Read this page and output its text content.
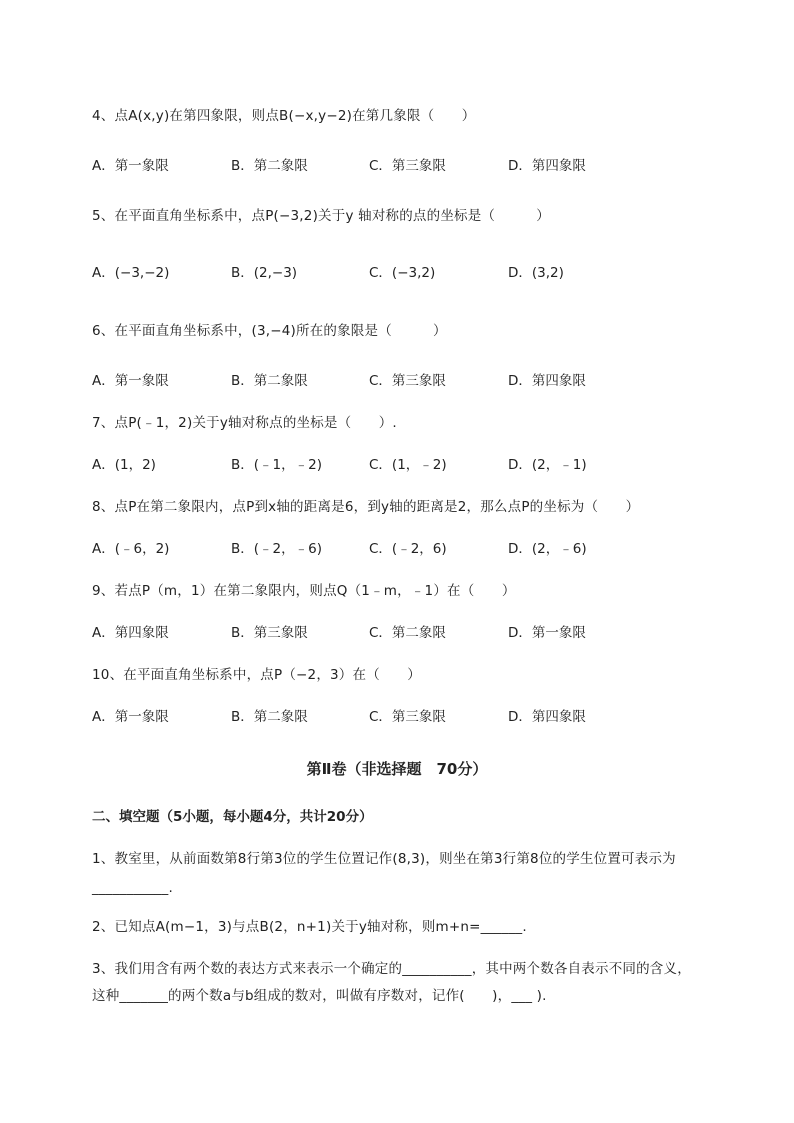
4、点A(x,y)在第四象限，则点B(−x,y−2)在第几象限（　　）
A．第一象限	B．第二象限	C．第三象限	D．第四象限
5、在平面直角坐标系中，点P(−3,2)关于y 轴对称的点的坐标是（　　　）
A．(−3,−2)	B．(2,−3)	C．(−3,2)	D．(3,2)
6、在平面直角坐标系中，(3,−4)所在的象限是（　　　）
A．第一象限	B．第二象限	C．第三象限	D．第四象限
7、点P(﹣1，2)关于y轴对称点的坐标是（　　）.
A．(1，2)	B．(﹣1，﹣2)	C．(1，﹣2)	D．(2，﹣1)
8、点P在第二象限内，点P到x轴的距离是6，到y轴的距离是2，那么点P的坐标为（　　）
A．(﹣6，2)	B．(﹣2，﹣6)	C．(﹣2，6)	D．(2，﹣6)
9、若点P（m，1）在第二象限内，则点Q（1﹣m，﹣1）在（　　）
A．第四象限	B．第三象限	C．第二象限	D．第一象限
10、在平面直角坐标系中，点P（−2，3）在（　　）
A．第一象限	B．第二象限	C．第三象限	D．第四象限
第Ⅱ卷（非选择题　70分）
二、填空题（5小题，每小题4分，共计20分）
1、教室里，从前面数第8行第3位的学生位置记作(8,3)，则坐在第3行第8位的学生位置可表示为
___________.
2、已知点A(m−1，3)与点B(2，n+1)关于y轴对称，则m+n=______.
3、我们用含有两个数的表达方式来表示一个确定的__________，其中两个数各自表示不同的含义，
这种_______的两个数a与b组成的数对，叫做有序数对，记作(　　)，___ ).
